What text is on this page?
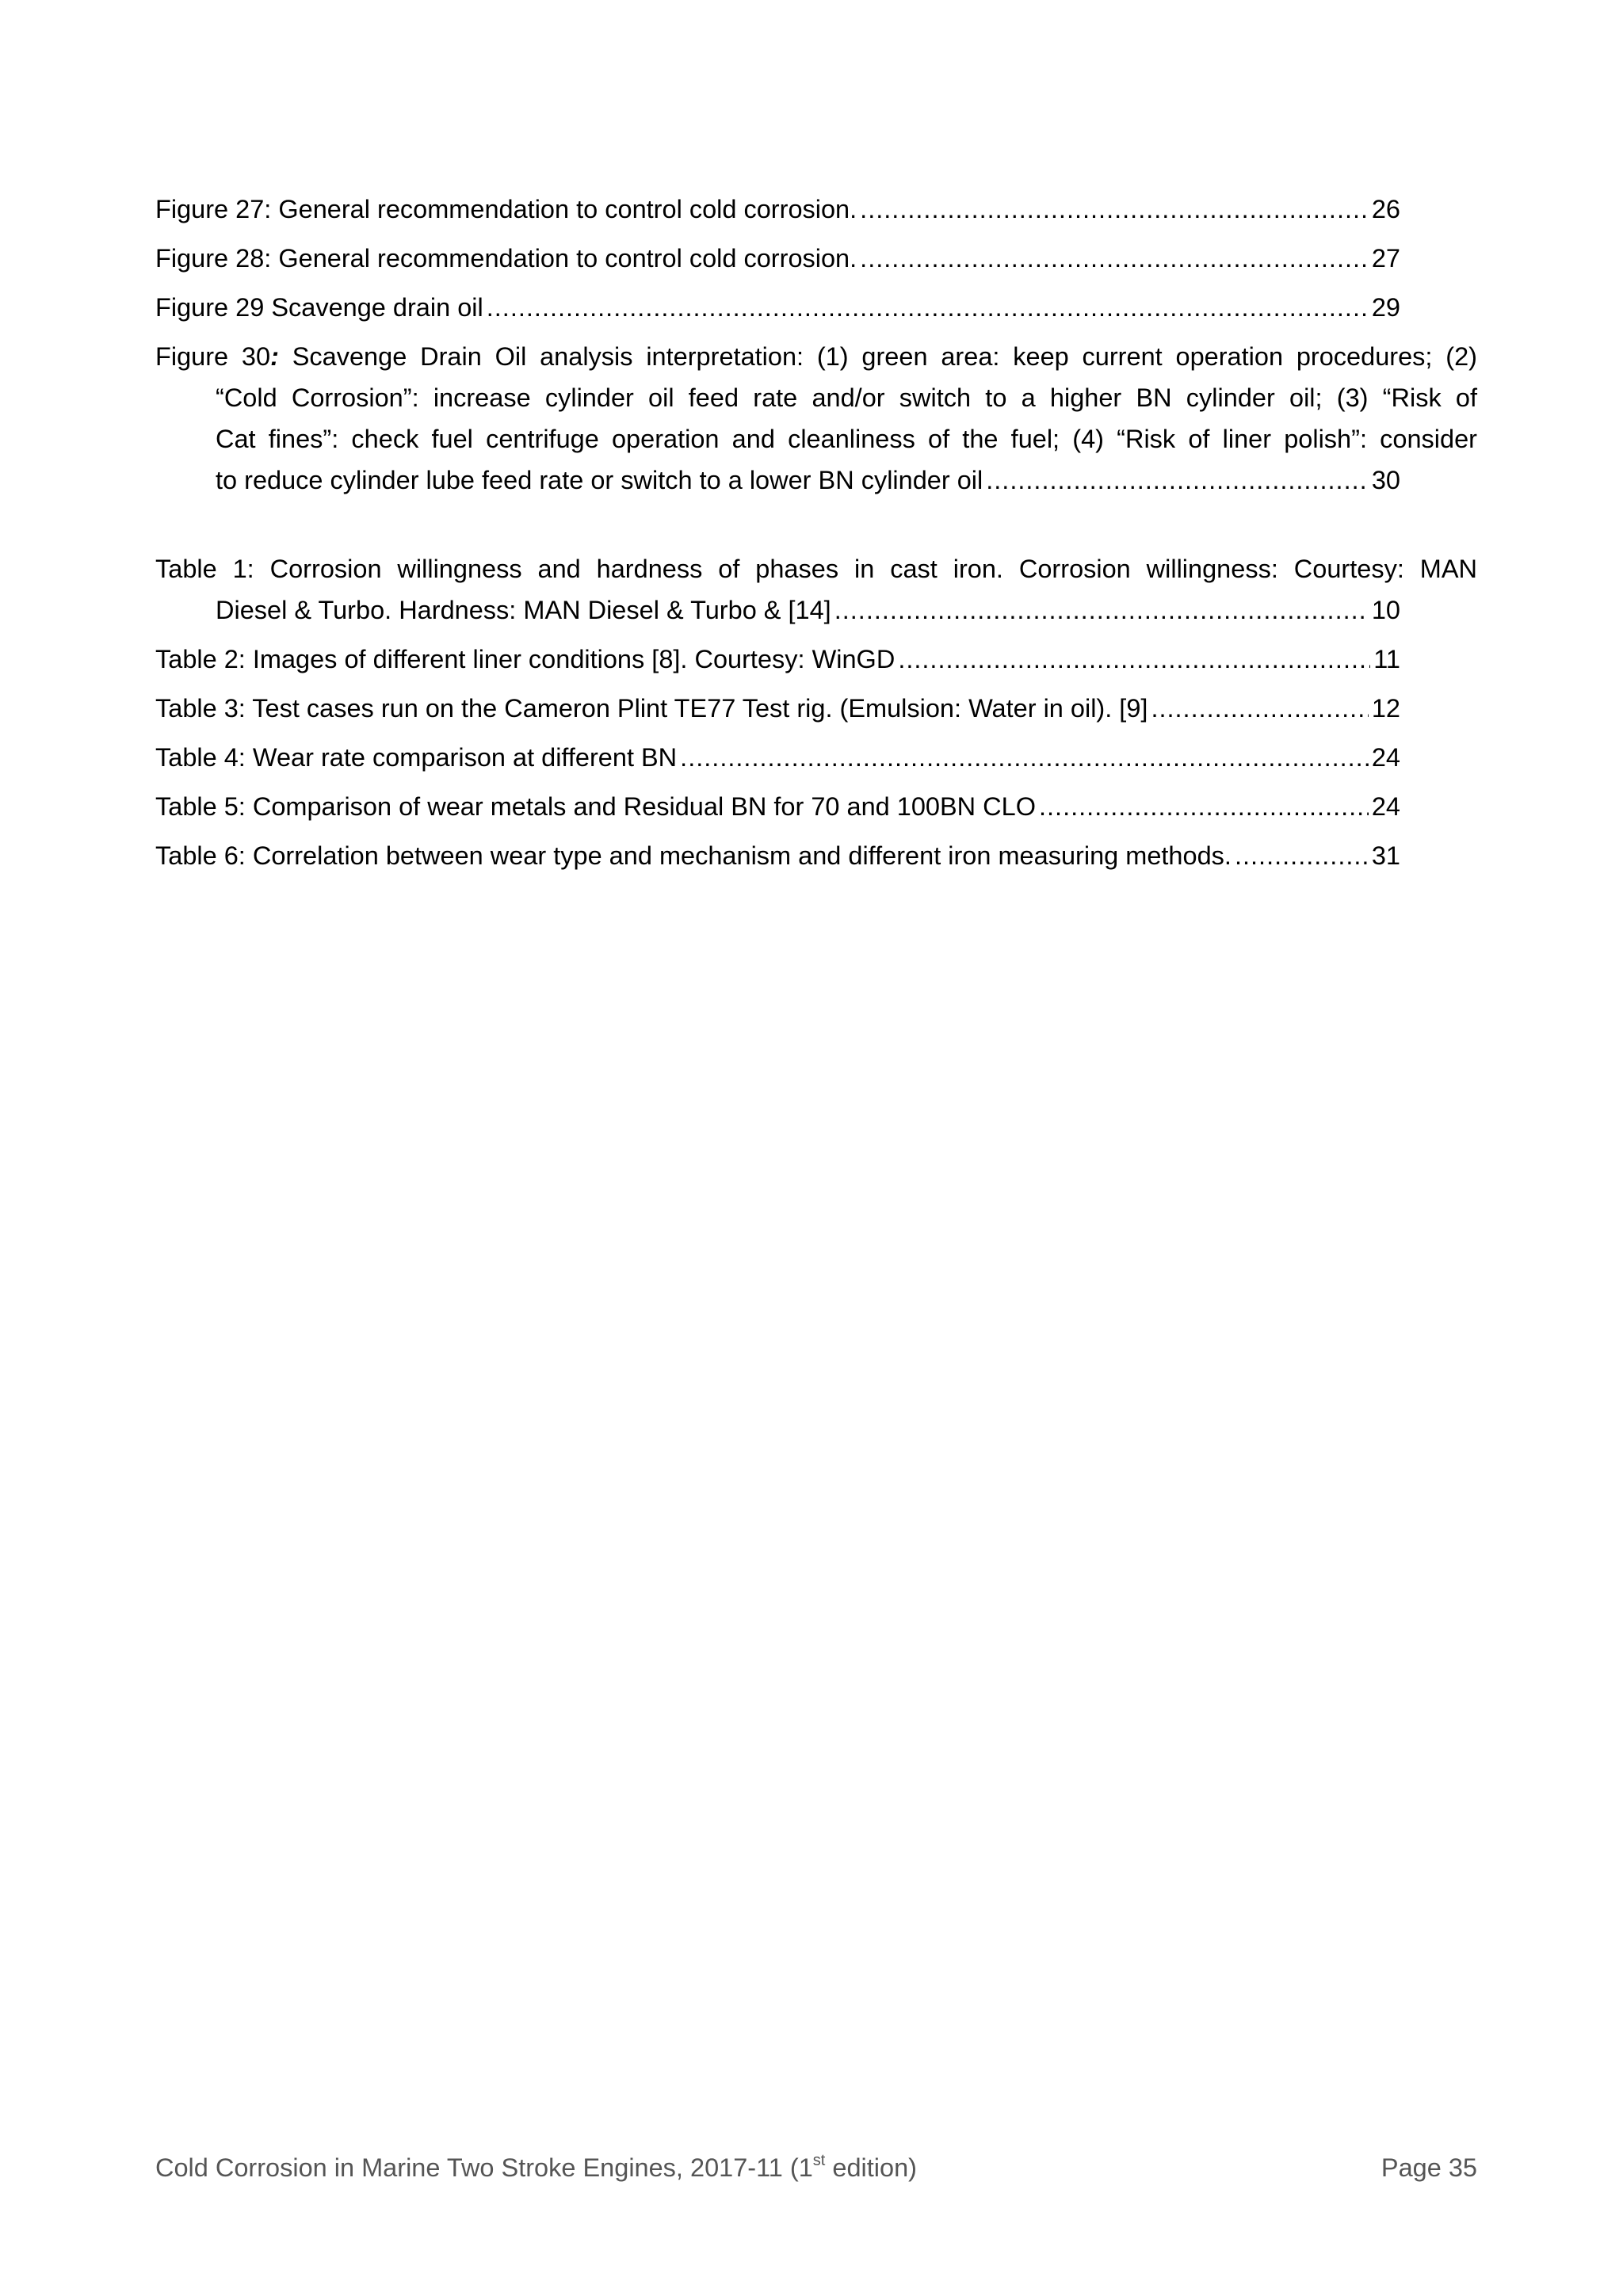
Figure 27: General recommendation to control cold corrosion. .....	26
Figure 28: General recommendation to control cold corrosion. .....	27
Figure 29 Scavenge drain oil .....	29
Figure 30: Scavenge Drain Oil analysis interpretation: (1) green area: keep current operation procedures; (2)
“Cold Corrosion”: increase cylinder oil feed rate and/or switch to a higher BN cylinder oil; (3) “Risk of
Cat fines”: check fuel centrifuge operation and cleanliness of the fuel; (4) “Risk of liner polish”: consider
to reduce cylinder lube feed rate or switch to a lower BN cylinder oil .....	30
Table 1: Corrosion willingness and hardness of phases in cast iron. Corrosion willingness: Courtesy: MAN
Diesel & Turbo. Hardness: MAN Diesel & Turbo & [14] .....	10
Table 2: Images of different liner conditions [8]. Courtesy: WinGD .....	11
Table 3: Test cases run on the Cameron Plint TE77 Test rig. (Emulsion: Water in oil). [9] .....	12
Table 4: Wear rate comparison at different BN .....	24
Table 5: Comparison of wear metals and Residual BN for 70 and 100BN CLO .....	24
Table 6: Correlation between wear type and mechanism and different iron measuring methods. .....	31
Cold Corrosion in Marine Two Stroke Engines, 2017-11 (1st edition)	Page 35
